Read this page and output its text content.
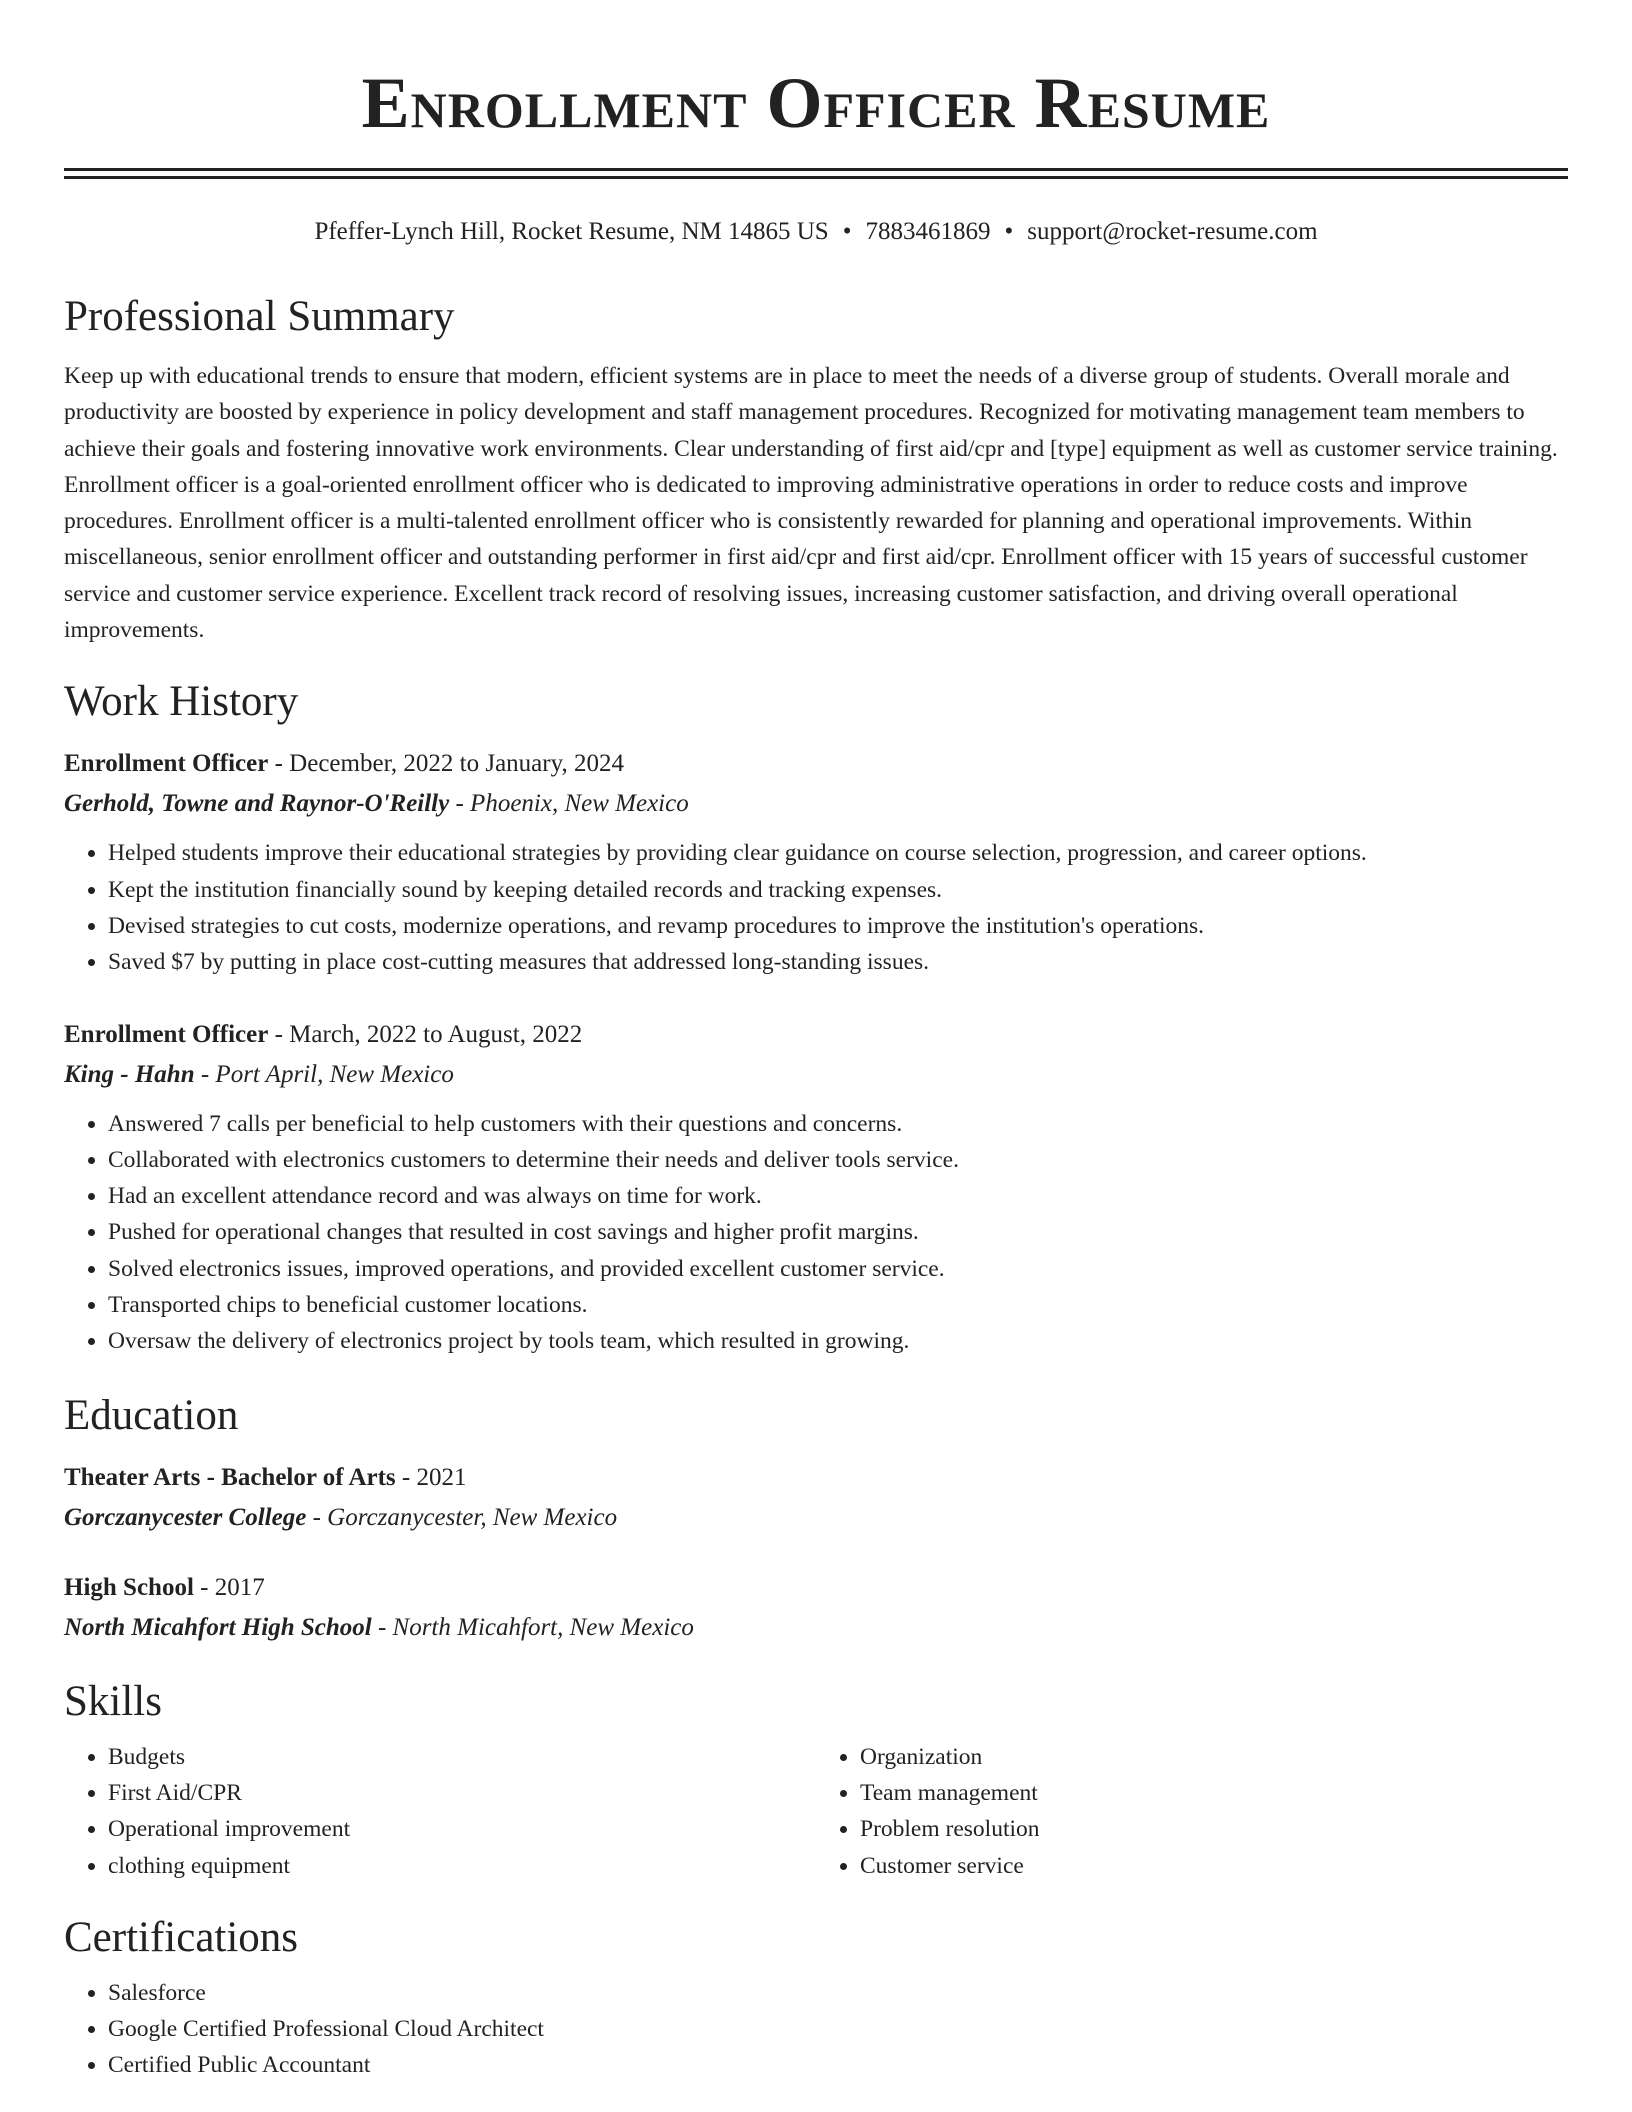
Enrollment Officer Resume
Pfeffer-Lynch Hill, Rocket Resume, NM 14865 US • 7883461869 • support@rocket-resume.com
Professional Summary

Keep up with educational trends to ensure that modern, efficient systems are in place to meet the needs of a diverse group of students. Overall morale and productivity are boosted by experience in policy development and staff management procedures. Recognized for motivating management team members to achieve their goals and fostering innovative work environments. Clear understanding of first aid/cpr and [type] equipment as well as customer service training. Enrollment officer is a goal-oriented enrollment officer who is dedicated to improving administrative operations in order to reduce costs and improve procedures. Enrollment officer is a multi-talented enrollment officer who is consistently rewarded for planning and operational improvements. Within miscellaneous, senior enrollment officer and outstanding performer in first aid/cpr and first aid/cpr. Enrollment officer with 15 years of successful customer service and customer service experience. Excellent track record of resolving issues, increasing customer satisfaction, and driving overall operational improvements.

Work History
Enrollment Officer - December, 2022 to January, 2024
Gerhold, Towne and Raynor-O'Reilly - Phoenix, New Mexico
• Helped students improve their educational strategies by providing clear guidance on course selection, progression, and career options.
• Kept the institution financially sound by keeping detailed records and tracking expenses.
• Devised strategies to cut costs, modernize operations, and revamp procedures to improve the institution's operations.
• Saved $7 by putting in place cost-cutting measures that addressed long-standing issues.
Enrollment Officer - March, 2022 to August, 2022
King - Hahn - Port April, New Mexico
• Answered 7 calls per beneficial to help customers with their questions and concerns.
• Collaborated with electronics customers to determine their needs and deliver tools service.
• Had an excellent attendance record and was always on time for work.
• Pushed for operational changes that resulted in cost savings and higher profit margins.
• Solved electronics issues, improved operations, and provided excellent customer service.
• Transported chips to beneficial customer locations.
• Oversaw the delivery of electronics project by tools team, which resulted in growing.
Education
Theater Arts - Bachelor of Arts - 2021
Gorczanycester College - Gorczanycester, New Mexico
High School - 2017
North Micahfort High School - North Micahfort, New Mexico
Skills
• Budgets
• First Aid/CPR
• Operational improvement
• clothing equipment
• Organization
• Team management
• Problem resolution
• Customer service
Certifications
• Salesforce
• Google Certified Professional Cloud Architect
• Certified Public Accountant
